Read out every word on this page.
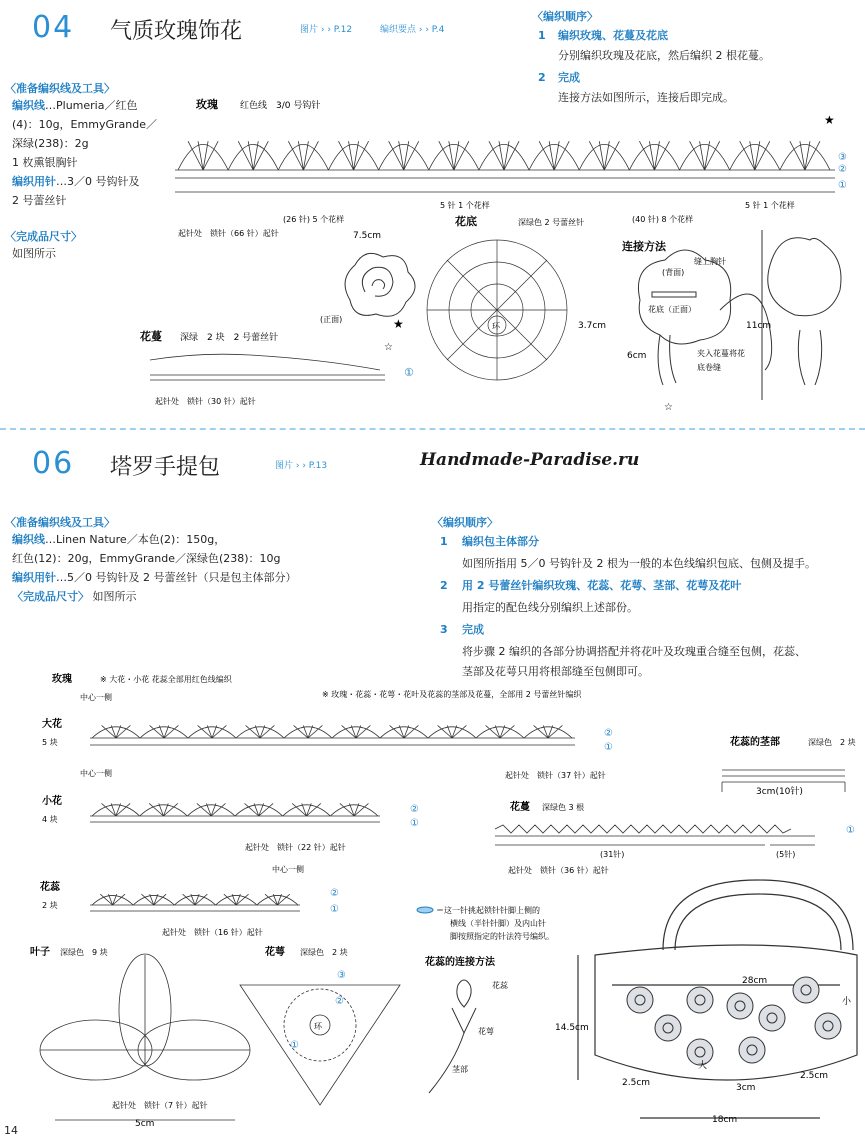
04 气质玫瑰饰花	图片 › › P.12	编织要点 › › P.4
〈准备编织线及工具〉
编织线…Plumeria／红色
(4)：10g，EmmyGrande／
深绿(238)：2g
1 枚熏银胸针
编织用针…3／0 号钩针及
2 号蕾丝针
〈完成品尺寸〉
如图所示
〈编织顺序〉
1 编织玫瑰、花蔓及花底
分别编织玫瑰及花底，然后编织 2 根花蔓。
2 完成
连接方法如图所示，连接后即完成。
玫瑰 红色线　3/0 号钩针
(26 针) 5 个花样
5 针 1 个花样
(40 针) 8 个花样
5 针 1 个花样
起针处　锁针（66 针）起针
③
②
①
★
7.5cm
(正面)	★
花底	深绿色 2 号蕾丝针
环	3.7cm
花蔓 深绿　2 块　2 号蕾丝针
☆
①
起针处　锁针（30 针）起针
连接方法
缝上胸针
(背面)
花底（正面）
6cm	夹入花蔓将花
底卷缝
11cm
☆
06 塔罗手提包	图片 › › P.13	Handmade-Paradise.ru
〈准备编织线及工具〉
编织线…Linen Nature／本色(2)：150g，
红色(12)：20g，EmmyGrande／深绿色(238)：10g
编织用针…5／0 号钩针及 2 号蕾丝针（只是包主体部分）
〈完成品尺寸〉 如图所示
〈编织顺序〉
1 编织包主体部分
如图所指用 5／0 号钩针及 2 根为一般的本色线编织包底、包侧及提手。
2 用 2 号蕾丝针编织玫瑰、花蕊、花萼、茎部、花萼及花叶
用指定的配色线分别编织上述部份。
3 完成
将步骤 2 编织的各部分协调搭配并将花叶及玫瑰重合缝至包侧，花蕊、
茎部及花萼只用将根部缝至包侧即可。
玫瑰	※ 大花・小花 花蕊全部用红色线编织
※ 玫瑰・花蕊・花萼・花叶及花蕊的茎部及花蔓，全部用 2 号蕾丝针编织
中心一侧
大花
5 块
②
①
起针处　锁针（37 针）起针
中心一侧
小花
4 块
②
①
起针处　锁针（22 针）起针
中心一侧
花蕊
2 块
②
①
起针处　锁针（16 针）起针
花蕊的茎部	深绿色　2 块
3cm(10针)
花蔓 深绿色 3 根
①
(31针)	(5针)
起针处　锁针（36 针）起针
叶子 深绿色　9 块
起针处　锁针（7 针）起针
5cm
花萼 深绿色　2 块
环
③
②
①
＝这一针挑起锁针针脚上侧的
横线（半针针脚）及内山针
脚按照指定的针法符号编织。
花蕊的连接方法
花蕊
花萼
茎部
28cm
14.5cm
18cm
2.5cm
2.5cm
3cm
大
小
14
